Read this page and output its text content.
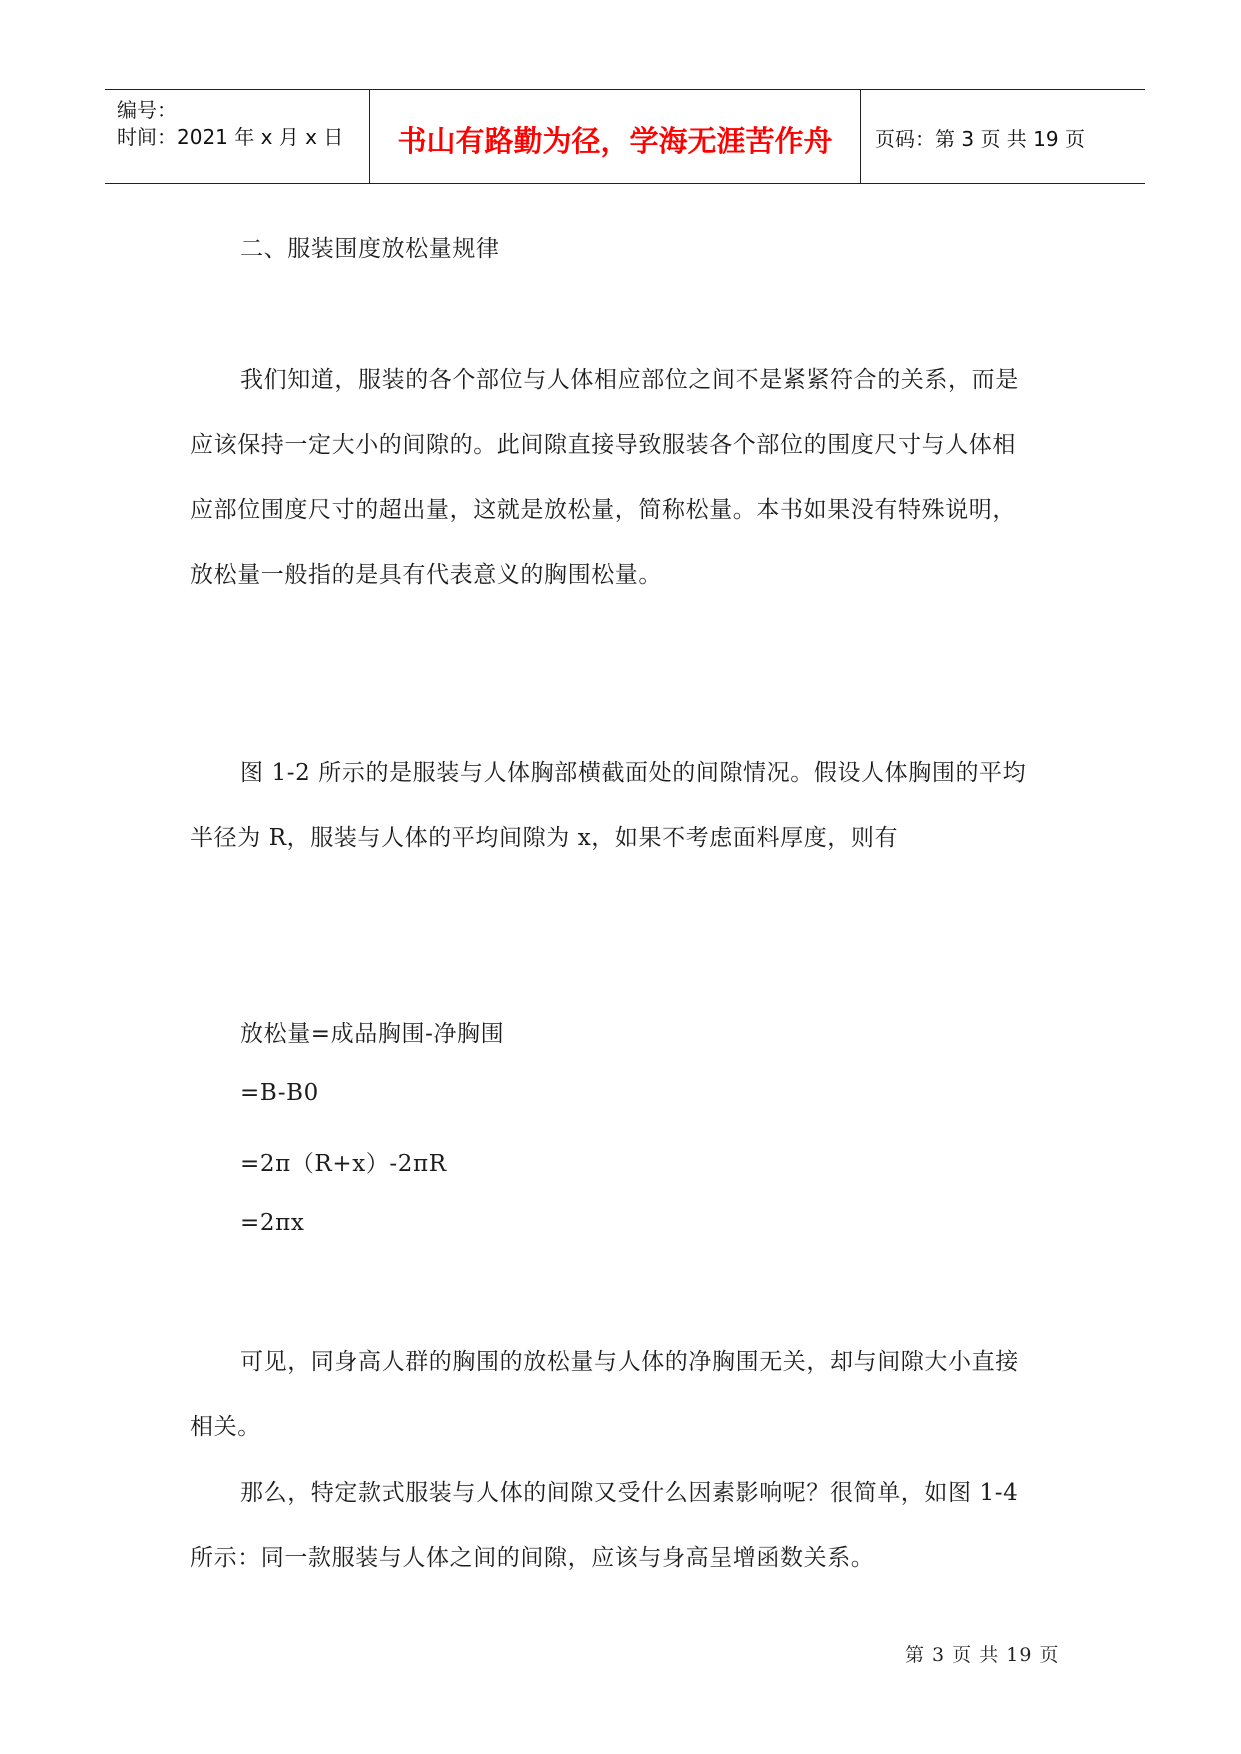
编号：
时间：2021 年 x 月 x 日	书山有路勤为径，学海无涯苦作舟	页码：第 3 页 共 19 页
二、服装围度放松量规律
我们知道，服装的各个部位与人体相应部位之间不是紧紧符合的关系，而是
应该保持一定大小的间隙的。此间隙直接导致服装各个部位的围度尺寸与人体相
应部位围度尺寸的超出量，这就是放松量，简称松量。本书如果没有特殊说明，
放松量一般指的是具有代表意义的胸围松量。
图 1-2 所示的是服装与人体胸部横截面处的间隙情况。假设人体胸围的平均
半径为 R，服装与人体的平均间隙为 x，如果不考虑面料厚度，则有
放松量=成品胸围-净胸围
=B-B0
=2π（R+x）-2πR
=2πx
可见，同身高人群的胸围的放松量与人体的净胸围无关，却与间隙大小直接
相关。
那么，特定款式服装与人体的间隙又受什么因素影响呢？很简单，如图 1-4
所示：同一款服装与人体之间的间隙，应该与身高呈增函数关系。
第 3 页 共 19 页
